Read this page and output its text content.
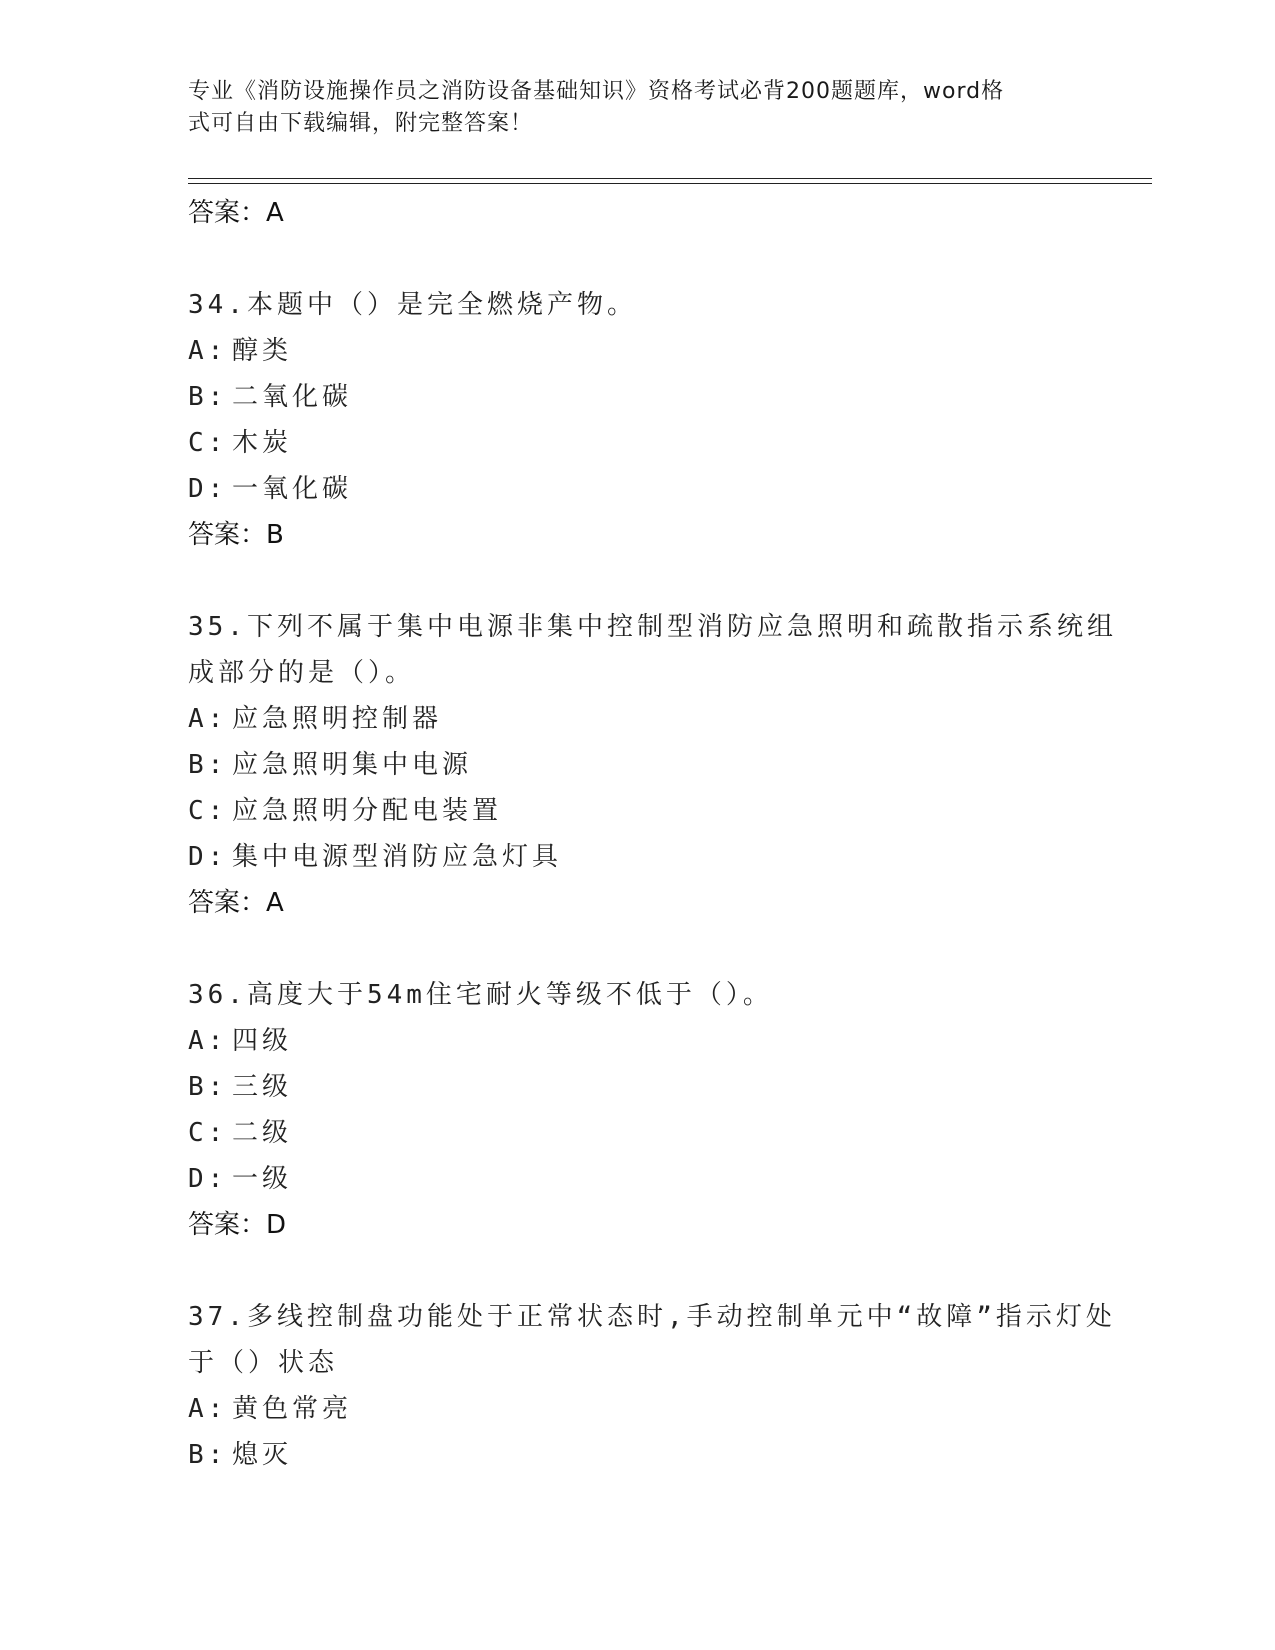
专业《消防设施操作员之消防设备基础知识》资格考试必背200题题库，word格
式可自由下载编辑，附完整答案！
答案：A
34.本题中（）是完全燃烧产物。
A: 醇类
B: 二氧化碳
C: 木炭
D: 一氧化碳
答案：B
35.下列不属于集中电源非集中控制型消防应急照明和疏散指示系统组成部分的是（）。
A: 应急照明控制器
B: 应急照明集中电源
C: 应急照明分配电装置
D: 集中电源型消防应急灯具
答案：A
36.高度大于54m住宅耐火等级不低于（）。
A: 四级
B: 三级
C: 二级
D: 一级
答案：D
37.多线控制盘功能处于正常状态时,手动控制单元中“故障”指示灯处于（）状态
A: 黄色常亮
B: 熄灭
